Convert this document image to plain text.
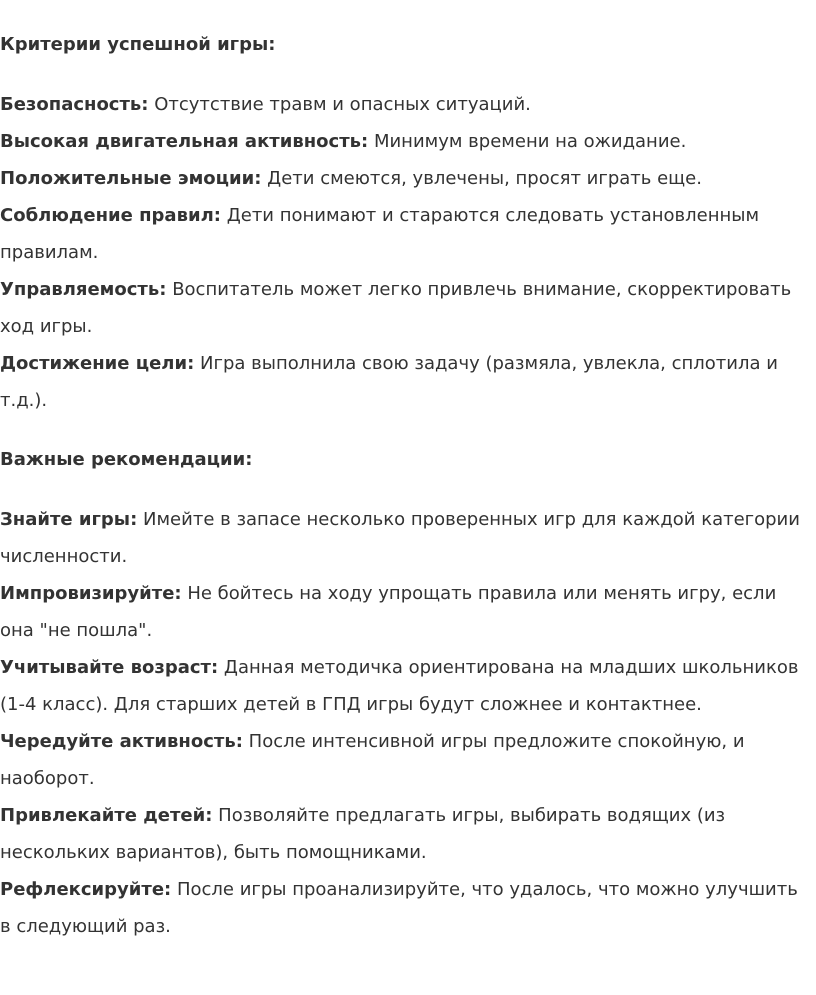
Критерии успешной игры:

Безопасность: Отсутствие травм и опасных ситуаций.

Высокая двигательная активность: Минимум времени на ожидание.

Положительные эмоции: Дети смеются, увлечены, просят играть еще.

Соблюдение правил: Дети понимают и стараются следовать установленным правилам.

Управляемость: Воспитатель может легко привлечь внимание, скорректировать ход игры.

Достижение цели: Игра выполнила свою задачу (размяла, увлекла, сплотила и т.д.).

Важные рекомендации:

Знайте игры: Имейте в запасе несколько проверенных игр для каждой категории численности.

Импровизируйте: Не бойтесь на ходу упрощать правила или менять игру, если она "не пошла".

Учитывайте возраст: Данная методичка ориентирована на младших школьников (1-4 класс). Для старших детей в ГПД игры будут сложнее и контактнее.

Чередуйте активность: После интенсивной игры предложите спокойную, и наоборот.

Привлекайте детей: Позволяйте предлагать игры, выбирать водящих (из нескольких вариантов), быть помощниками.

Рефлексируйте: После игры проанализируйте, что удалось, что можно улучшить в следующий раз.
